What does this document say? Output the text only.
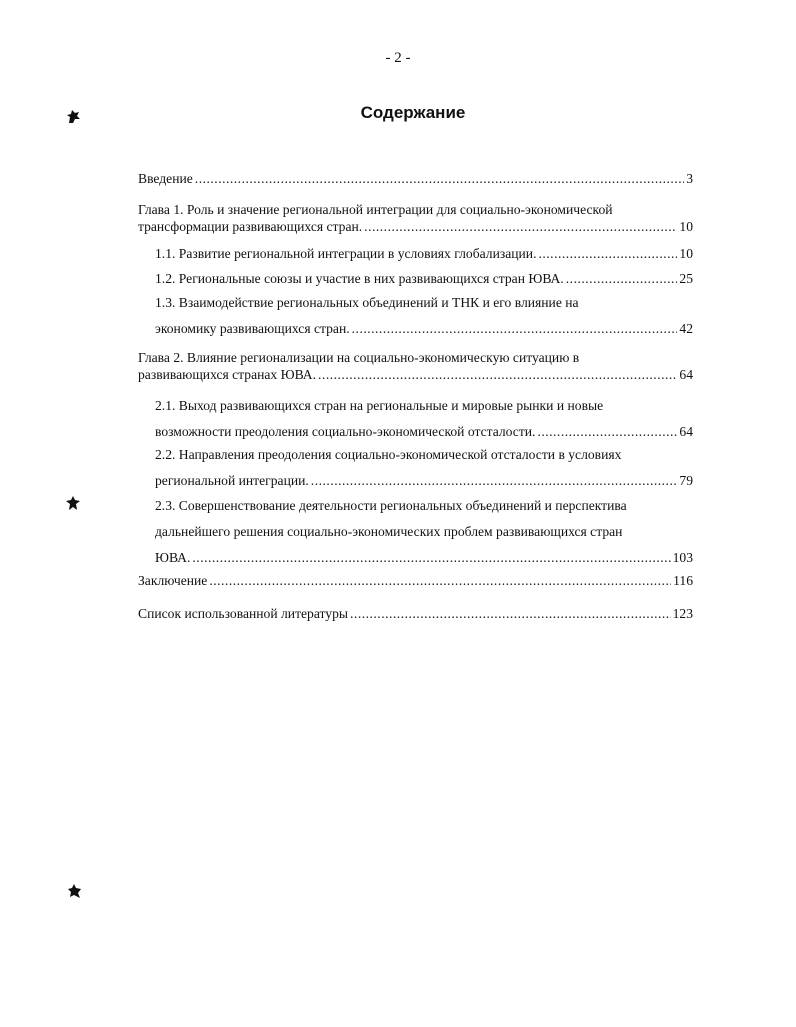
- 2 -
Содержание
Введение .....	3
Глава 1. Роль и значение региональной интеграции для социально-экономической
трансформации развивающихся стран. .....	10
1.1. Развитие региональной интеграции в условиях глобализации. .....	10
1.2. Региональные союзы и участие в них развивающихся стран ЮВА. .....	25
1.3. Взаимодействие региональных объединений и ТНК и его влияние на
экономику развивающихся стран. .....	42
Глава 2. Влияние регионализации на социально-экономическую ситуацию в
развивающихся странах ЮВА. .....	64
2.1. Выход развивающихся стран на региональные и мировые рынки и новые
возможности преодоления социально-экономической отсталости. .....	64
2.2. Направления преодоления социально-экономической отсталости в условиях
региональной интеграции. .....	79
2.3. Совершенствование деятельности региональных объединений и перспектива
дальнейшего решения социально-экономических проблем развивающихся стран
ЮВА. .....	103
Заключение .....	116
Список использованной литературы .....	123
